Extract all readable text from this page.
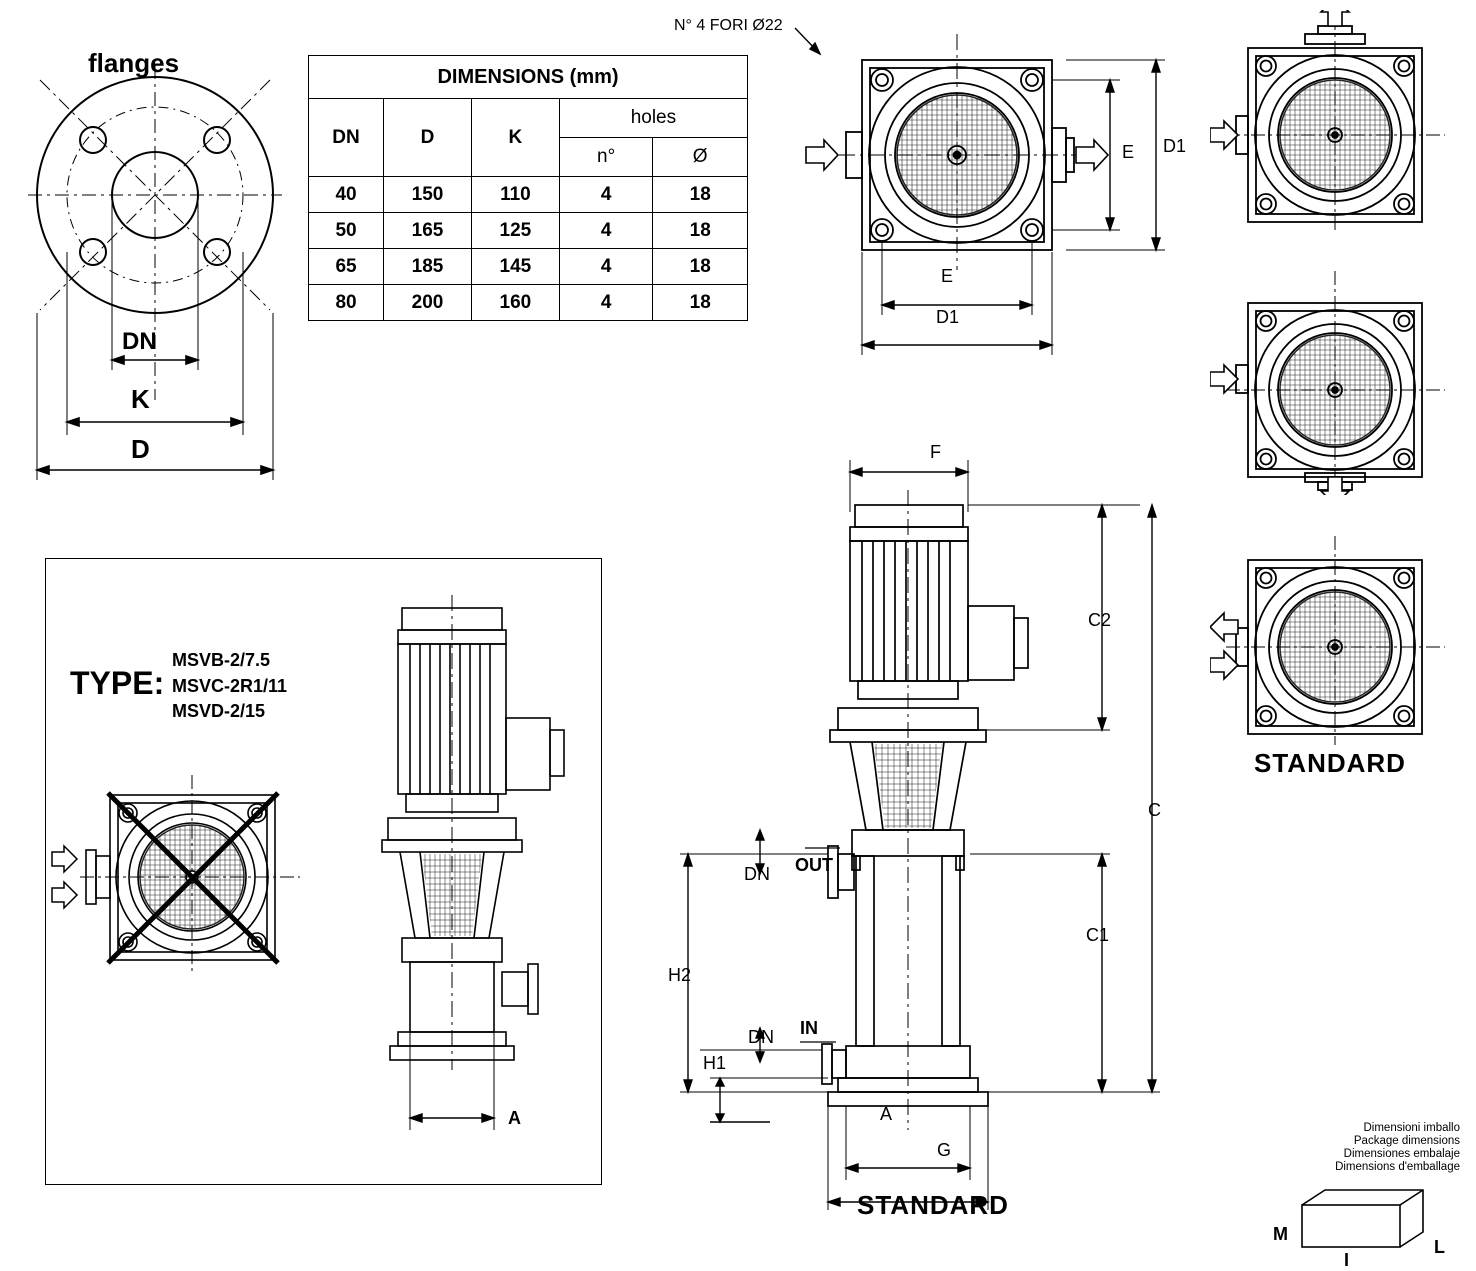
flanges
DN
K
D
DIMENSIONS (mm)				
DN	D	K	holes	
			n°	Ø
40	150	110	4	18
50	165	125	4	18
65	185	145	4	18
80	200	160	4	18
N° 4 FORI Ø22
E D1
E
D1
STANDARD
TYPE:
MSVB-2/7.5
MSVC-2R1/11
MSVD-2/15
A
F
C2
C
C1
H2
H1
DN OUT
DN IN
A
G
STANDARD
Dimensioni imballo
Package dimensions
Dimensiones embalaje
Dimensions d'emballage
M
L
I
